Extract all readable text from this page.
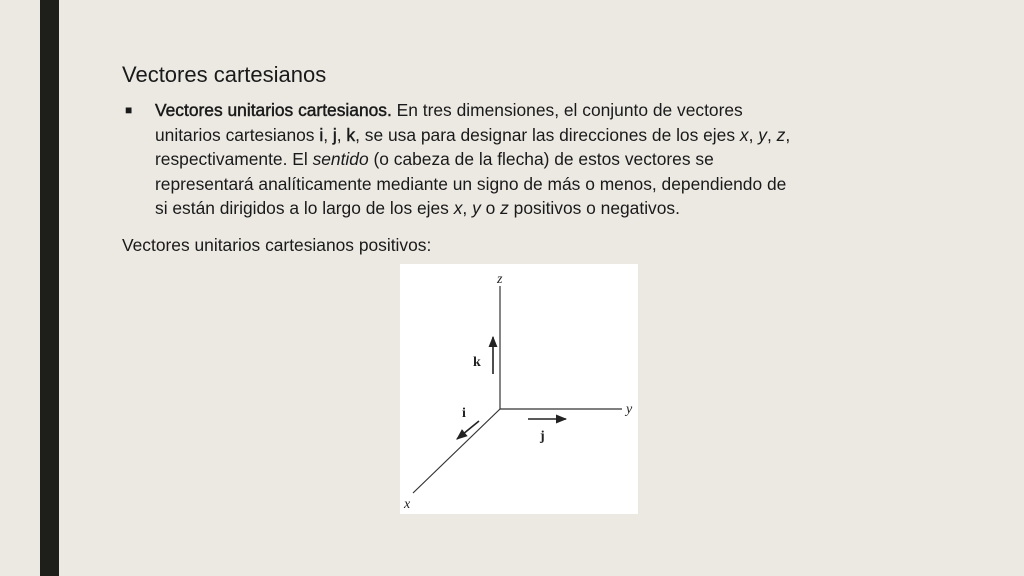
Vectores cartesianos
■ Vectores unitarios cartesianos. En tres dimensiones, el conjunto de vectores
unitarios cartesianos i, j, k, se usa para designar las direcciones de los ejes x, y, z,
respectivamente. El sentido (o cabeza de la flecha) de estos vectores se
representará analíticamente mediante un signo de más o menos, dependiendo de
si están dirigidos a lo largo de los ejes x, y o z positivos o negativos.
Vectores unitarios cartesianos positivos:
z
y
x
k
j
i
